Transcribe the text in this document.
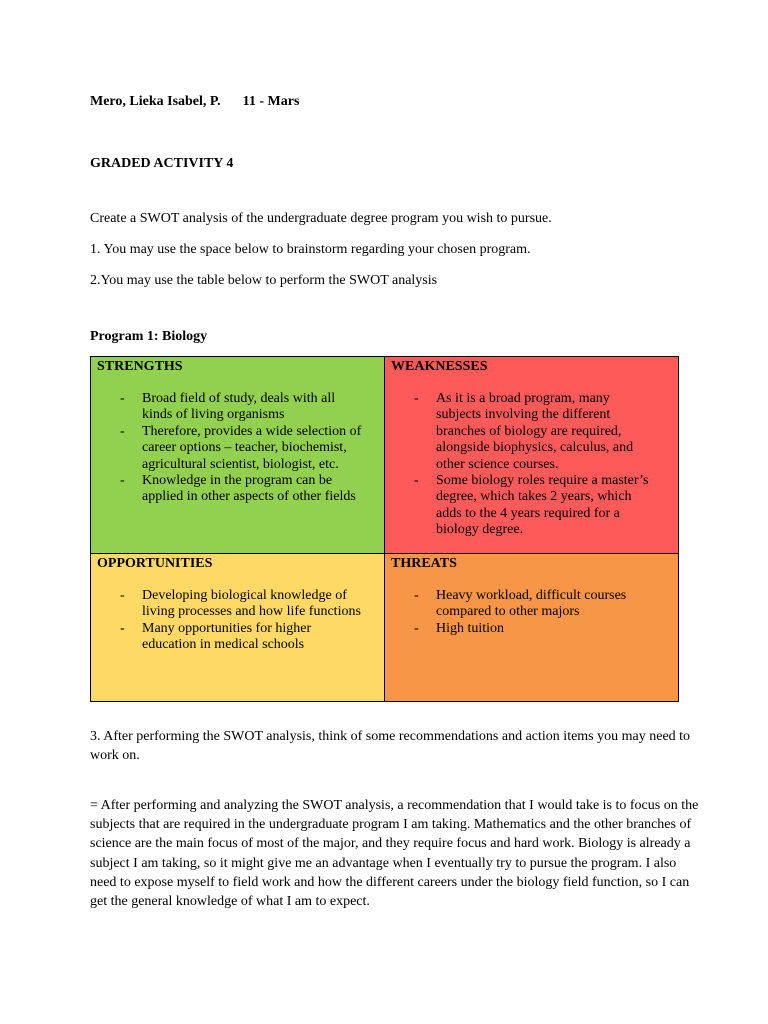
Mero, Lieka Isabel, P. 11 - Mars
GRADED ACTIVITY 4
Create a SWOT analysis of the undergraduate degree program you wish to pursue.
1. You may use the space below to brainstorm regarding your chosen program.
2.You may use the table below to perform the SWOT analysis
Program 1: Biology
STRENGTHS
- Broad field of study, deals with all kinds of living organisms
- Therefore, provides a wide selection of career options – teacher, biochemist, agricultural scientist, biologist, etc.
- Knowledge in the program can be applied in other aspects of other fields
WEAKNESSES
- As it is a broad program, many subjects involving the different branches of biology are required, alongside biophysics, calculus, and other science courses.
- Some biology roles require a master’s degree, which takes 2 years, which adds to the 4 years required for a biology degree.
OPPORTUNITIES
- Developing biological knowledge of living processes and how life functions
- Many opportunities for higher education in medical schools
THREATS
- Heavy workload, difficult courses compared to other majors
- High tuition
3. After performing the SWOT analysis, think of some recommendations and action items you may need to work on.
= After performing and analyzing the SWOT analysis, a recommendation that I would take is to focus on the subjects that are required in the undergraduate program I am taking. Mathematics and the other branches of science are the main focus of most of the major, and they require focus and hard work. Biology is already a subject I am taking, so it might give me an advantage when I eventually try to pursue the program. I also need to expose myself to field work and how the different careers under the biology field function, so I can get the general knowledge of what I am to expect.
